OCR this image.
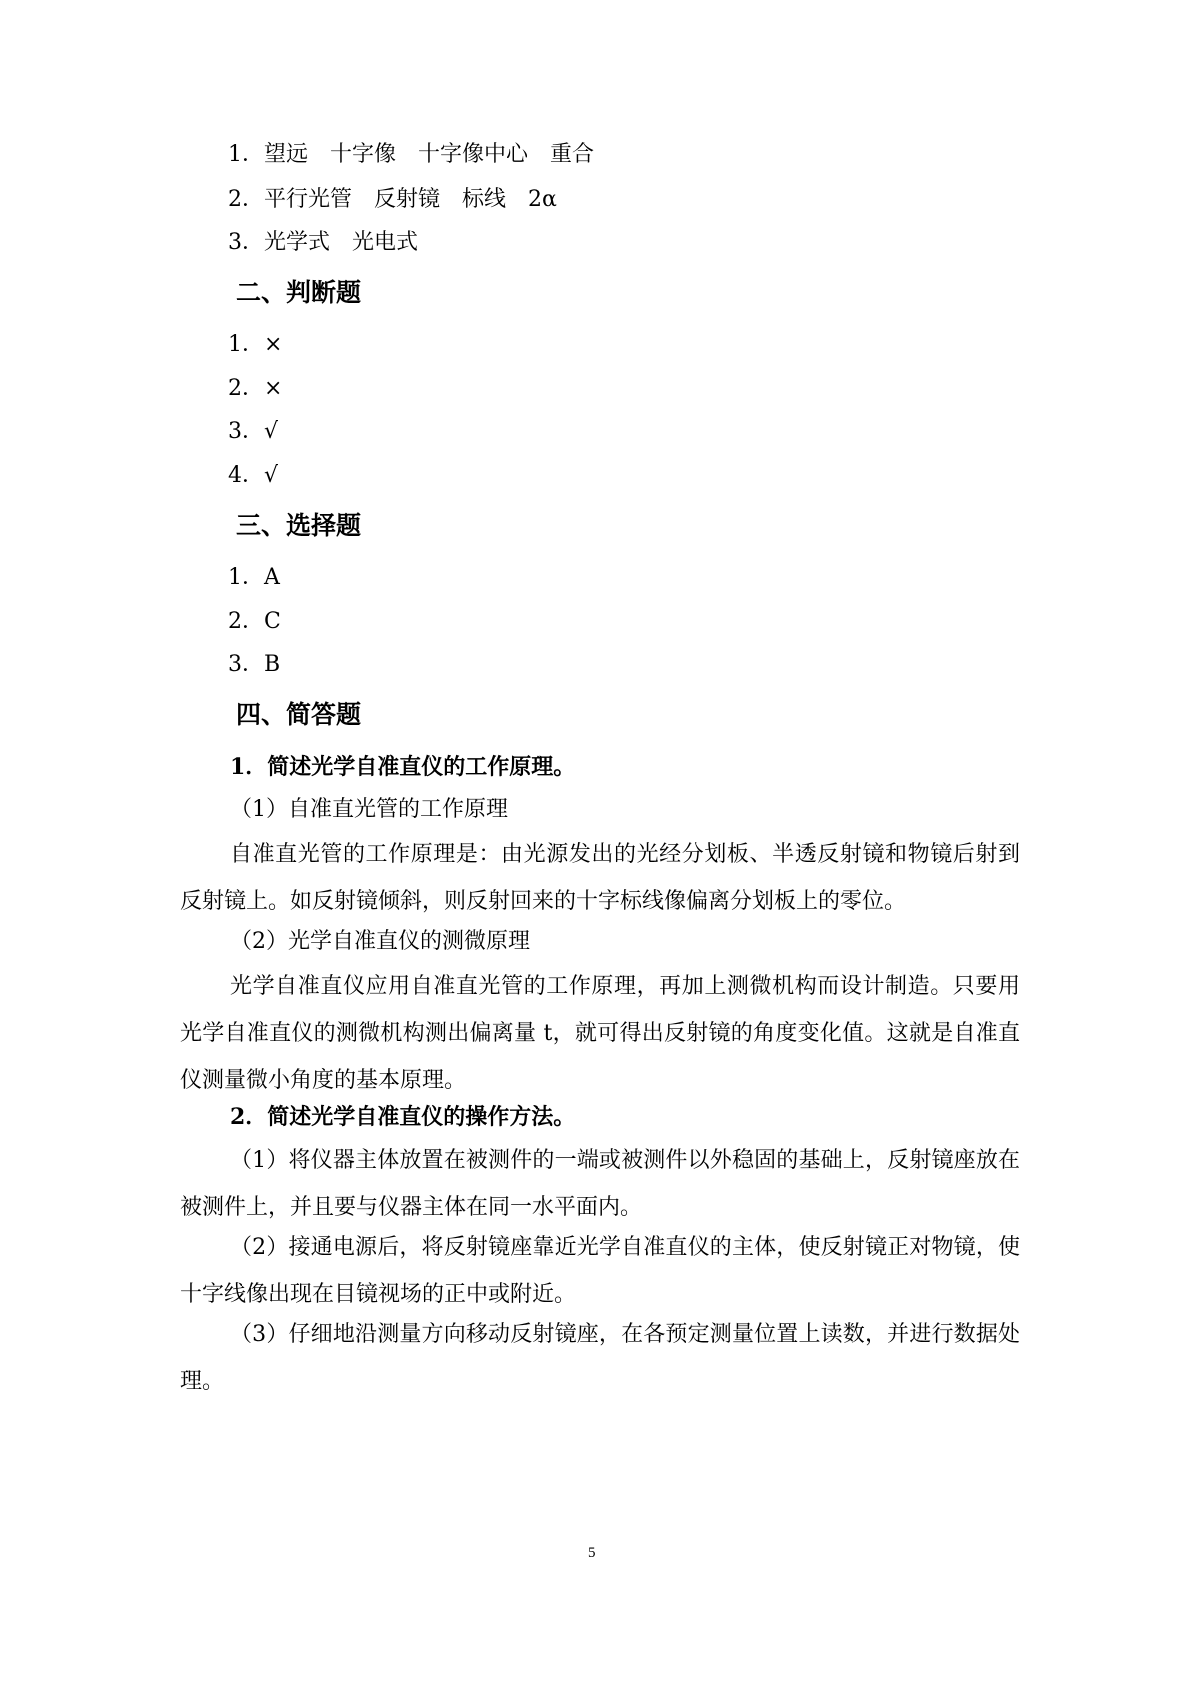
1．望远　十字像　十字像中心　重合
2．平行光管　反射镜　标线　2α
3．光学式　光电式
二、判断题
1．×
2．×
3．√
4．√
三、选择题
1．A
2．C
3．B
四、简答题
1．简述光学自准直仪的工作原理。
（1）自准直光管的工作原理
自准直光管的工作原理是：由光源发出的光经分划板、半透反射镜和物镜后射到反射镜上。如反射镜倾斜，则反射回来的十字标线像偏离分划板上的零位。
（2）光学自准直仪的测微原理
光学自准直仪应用自准直光管的工作原理，再加上测微机构而设计制造。只要用光学自准直仪的测微机构测出偏离量 t，就可得出反射镜的角度变化值。这就是自准直仪测量微小角度的基本原理。
2．简述光学自准直仪的操作方法。
（1）将仪器主体放置在被测件的一端或被测件以外稳固的基础上，反射镜座放在被测件上，并且要与仪器主体在同一水平面内。
（2）接通电源后，将反射镜座靠近光学自准直仪的主体，使反射镜正对物镜，使十字线像出现在目镜视场的正中或附近。
（3）仔细地沿测量方向移动反射镜座，在各预定测量位置上读数，并进行数据处理。
5
